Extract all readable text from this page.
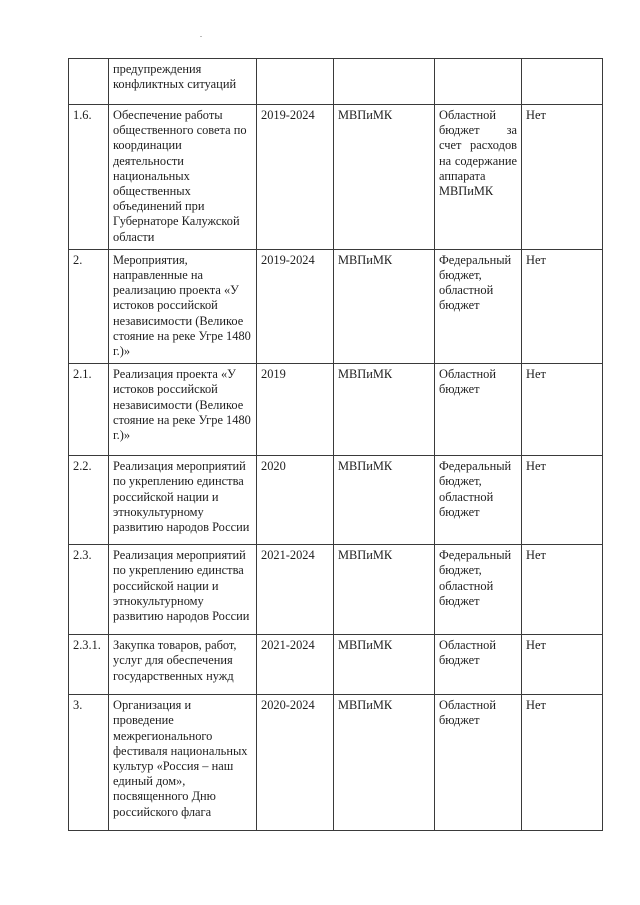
	предупреждения конфликтных ситуаций				
1.6.	Обеспечение работы общественного совета по координации деятельности национальных общественных объединений при Губернаторе Калужской области	2019-2024	МВПиМК	Областной бюджет за счет расходов на содержание аппарата МВПиМК	Нет
2.	Мероприятия, направленные на реализацию проекта «У истоков российской независимости (Великое стояние на реке Угре 1480 г.)»	2019-2024	МВПиМК	Федеральный бюджет, областной бюджет	Нет
2.1.	Реализация проекта «У истоков российской независимости (Великое стояние на реке Угре 1480 г.)»	2019	МВПиМК	Областной бюджет	Нет
2.2.	Реализация мероприятий по укреплению единства российской нации и этнокультурному развитию народов России	2020	МВПиМК	Федеральный бюджет, областной бюджет	Нет
2.3.	Реализация мероприятий по укреплению единства российской нации и этнокультурному развитию народов России	2021-2024	МВПиМК	Федеральный бюджет, областной бюджет	Нет
2.3.1.	Закупка товаров, работ, услуг для обеспечения государственных нужд	2021-2024	МВПиМК	Областной бюджет	Нет
3.	Организация и проведение межрегионального фестиваля национальных культур «Россия – наш единый дом», посвященного Дню российского флага	2020-2024	МВПиМК	Областной бюджет	Нет
